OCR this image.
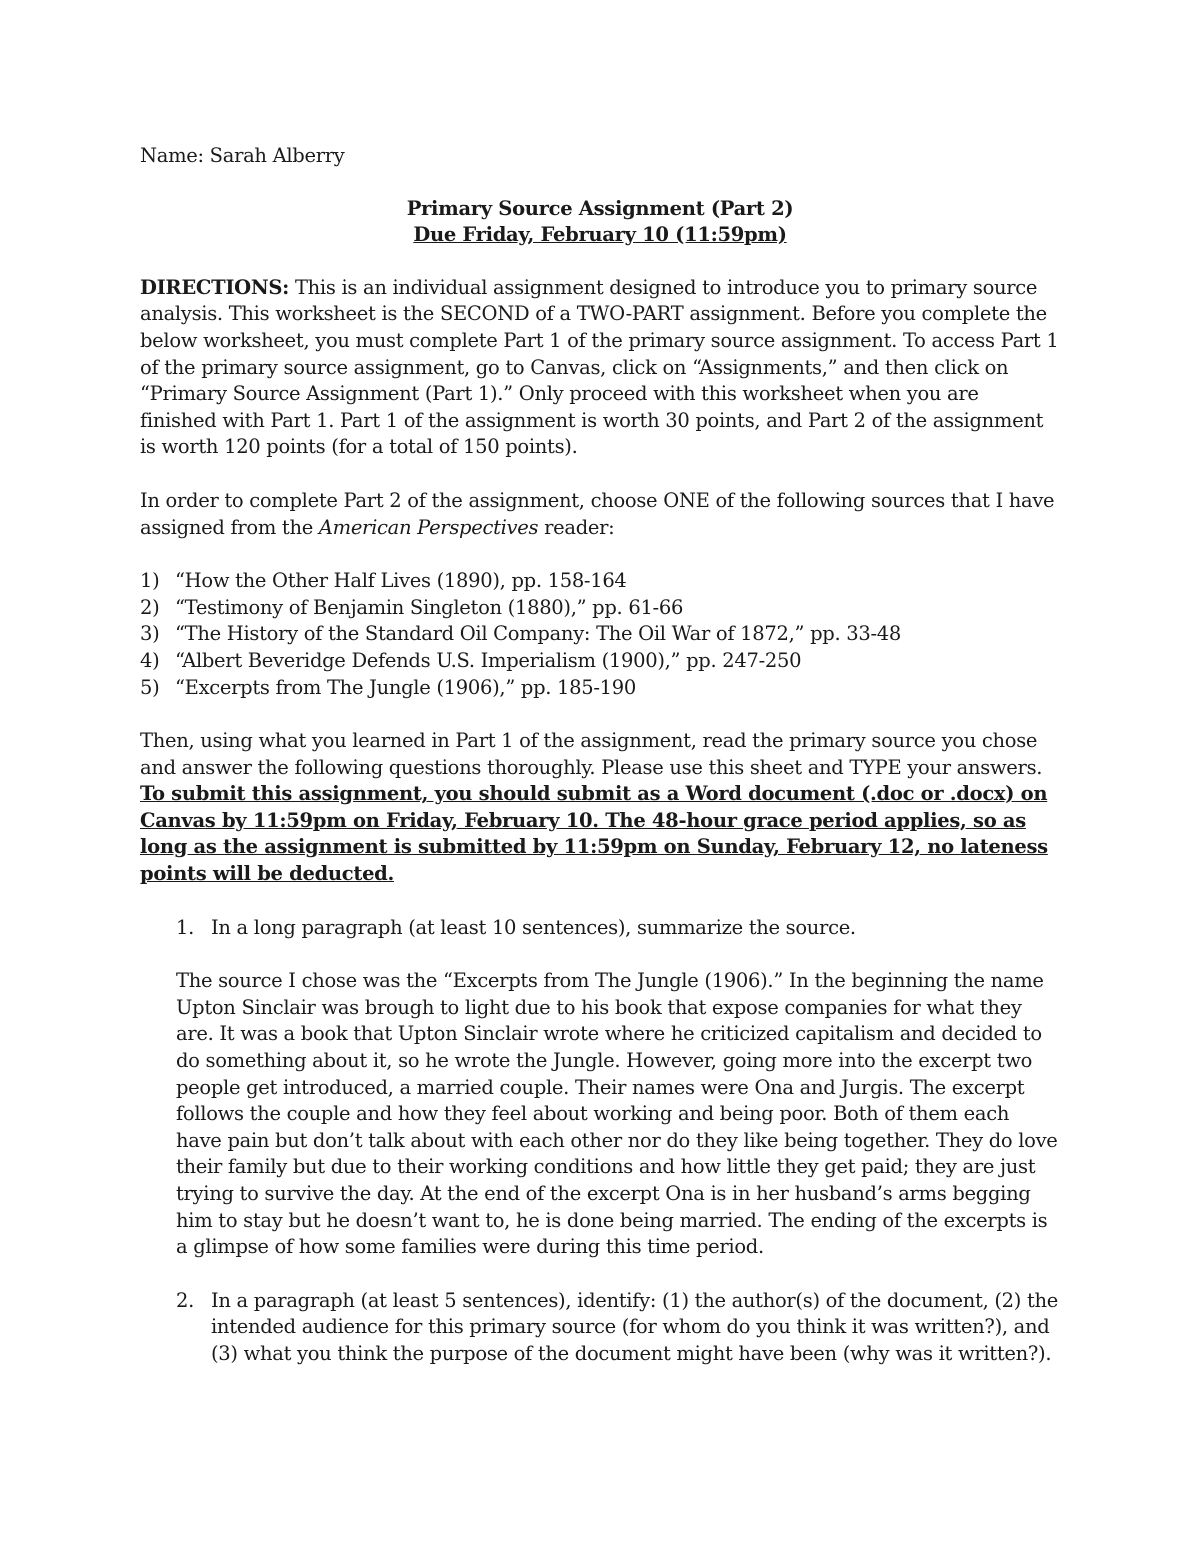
Name: Sarah Alberry

Primary Source Assignment (Part 2)

Due Friday, February 10 (11:59pm)

DIRECTIONS: This is an individual assignment designed to introduce you to primary source analysis. This worksheet is the SECOND of a TWO-PART assignment. Before you complete the below worksheet, you must complete Part 1 of the primary source assignment. To access Part 1 of the primary source assignment, go to Canvas, click on “Assignments,” and then click on “Primary Source Assignment (Part 1).” Only proceed with this worksheet when you are finished with Part 1. Part 1 of the assignment is worth 30 points, and Part 2 of the assignment is worth 120 points (for a total of 150 points).

In order to complete Part 2 of the assignment, choose ONE of the following sources that I have assigned from the American Perspectives reader:

1) “How the Other Half Lives (1890), pp. 158-164
2) “Testimony of Benjamin Singleton (1880),” pp. 61-66
3) “The History of the Standard Oil Company: The Oil War of 1872,” pp. 33-48
4) “Albert Beveridge Defends U.S. Imperialism (1900),” pp. 247-250
5) “Excerpts from The Jungle (1906),” pp. 185-190

Then, using what you learned in Part 1 of the assignment, read the primary source you chose and answer the following questions thoroughly. Please use this sheet and TYPE your answers. To submit this assignment, you should submit as a Word document (.doc or .docx) on Canvas by 11:59pm on Friday, February 10. The 48-hour grace period applies, so as long as the assignment is submitted by 11:59pm on Sunday, February 12, no lateness points will be deducted.

1. In a long paragraph (at least 10 sentences), summarize the source.

The source I chose was the “Excerpts from The Jungle (1906).” In the beginning the name Upton Sinclair was brough to light due to his book that expose companies for what they are. It was a book that Upton Sinclair wrote where he criticized capitalism and decided to do something about it, so he wrote the Jungle. However, going more into the excerpt two people get introduced, a married couple. Their names were Ona and Jurgis. The excerpt follows the couple and how they feel about working and being poor. Both of them each have pain but don’t talk about with each other nor do they like being together. They do love their family but due to their working conditions and how little they get paid; they are just trying to survive the day. At the end of the excerpt Ona is in her husband’s arms begging him to stay but he doesn’t want to, he is done being married. The ending of the excerpts is a glimpse of how some families were during this time period.

2. In a paragraph (at least 5 sentences), identify: (1) the author(s) of the document, (2) the intended audience for this primary source (for whom do you think it was written?), and (3) what you think the purpose of the document might have been (why was it written?).
